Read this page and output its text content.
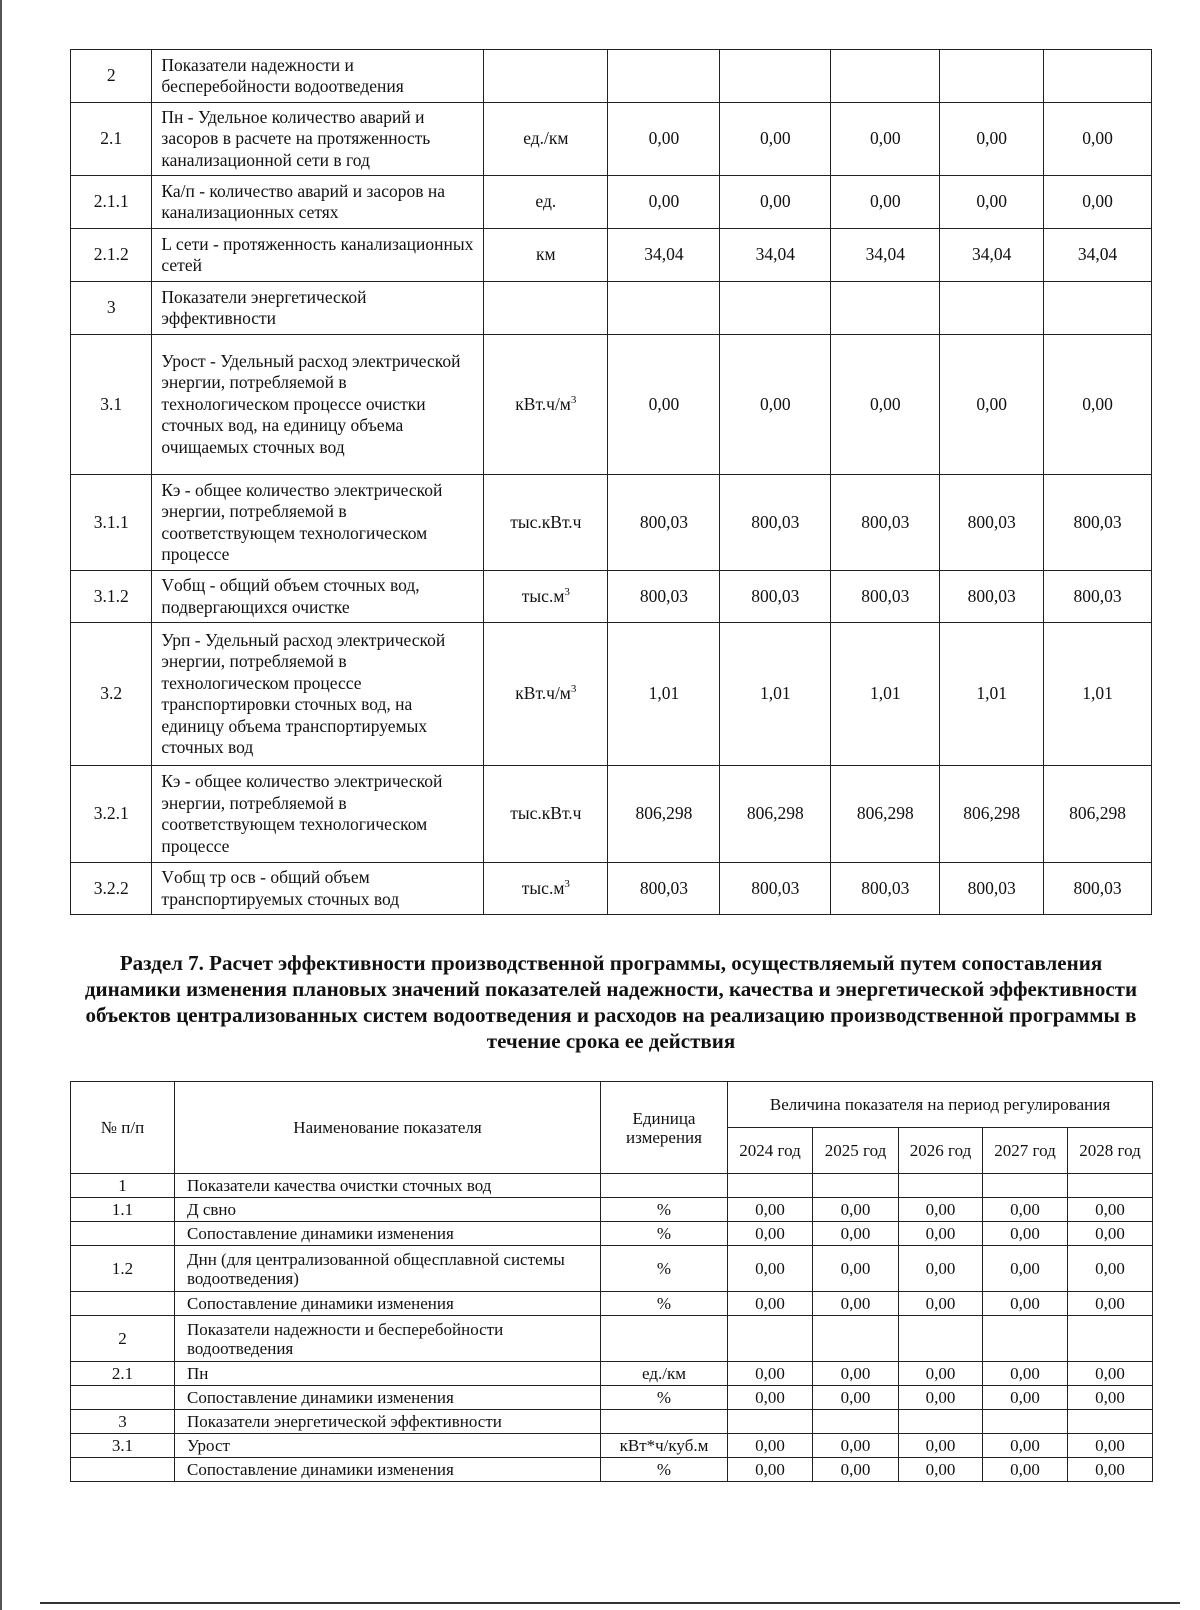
2	Показатели надежности и бесперебойности водоотведения						
2.1	Пн - Удельное количество аварий и засоров в расчете на протяженность канализационной сети в год	ед./км	0,00	0,00	0,00	0,00	0,00
2.1.1	Ка/п - количество аварий и засоров на канализационных сетях	ед.	0,00	0,00	0,00	0,00	0,00
2.1.2	L сети - протяженность канализационных сетей	км	34,04	34,04	34,04	34,04	34,04
3	Показатели энергетической эффективности						
3.1	Урост - Удельный расход электрической энергии, потребляемой в технологическом процессе очистки сточных вод, на единицу объема очищаемых сточных вод	$кВт.ч/м^3$	0,00	0,00	0,00	0,00	0,00
3.1.1	Кэ - общее количество электрической энергии, потребляемой в соответствующем технологическом процессе	тыс.кВт.ч	800,03	800,03	800,03	800,03	800,03
3.1.2	Vобщ - общий объем сточных вод, подвергающихся очистке	$тыс.м^3$	800,03	800,03	800,03	800,03	800,03
3.2	Урп - Удельный расход электрической энергии, потребляемой в технологическом процессе транспортировки сточных вод, на единицу объема транспортируемых сточных вод	$кВт.ч/м^3$	1,01	1,01	1,01	1,01	1,01
3.2.1	Кэ - общее количество электрической энергии, потребляемой в соответствующем технологическом процессе	тыс.кВт.ч	806,298	806,298	806,298	806,298	806,298
3.2.2	Vобщ тр осв - общий объем транспортируемых сточных вод	$тыс.м^3$	800,03	800,03	800,03	800,03	800,03
Раздел 7. Расчет эффективности производственной программы, осуществляемый путем сопоставления динамики изменения плановых значений показателей надежности, качества и энергетической эффективности объектов централизованных систем водоотведения и расходов на реализацию производственной программы в течение срока ее действия
№ п/п	Наименование показателя	Единица измерения	Величина показателя на период регулирования				
			2024 год	2025 год	2026 год	2027 год	2028 год
1	Показатели качества очистки сточных вод						
1.1	Д свно	%	0,00	0,00	0,00	0,00	0,00
	Сопоставление динамики изменения	%	0,00	0,00	0,00	0,00	0,00
1.2	Днн (для централизованной общесплавной системы водоотведения)	%	0,00	0,00	0,00	0,00	0,00
	Сопоставление динамики изменения	%	0,00	0,00	0,00	0,00	0,00
2	Показатели надежности и бесперебойности водоотведения						
2.1	Пн	ед./км	0,00	0,00	0,00	0,00	0,00
	Сопоставление динамики изменения	%	0,00	0,00	0,00	0,00	0,00
3	Показатели энергетической эффективности						
3.1	Урост	кВт*ч/куб.м	0,00	0,00	0,00	0,00	0,00
	Сопоставление динамики изменения	%	0,00	0,00	0,00	0,00	0,00
